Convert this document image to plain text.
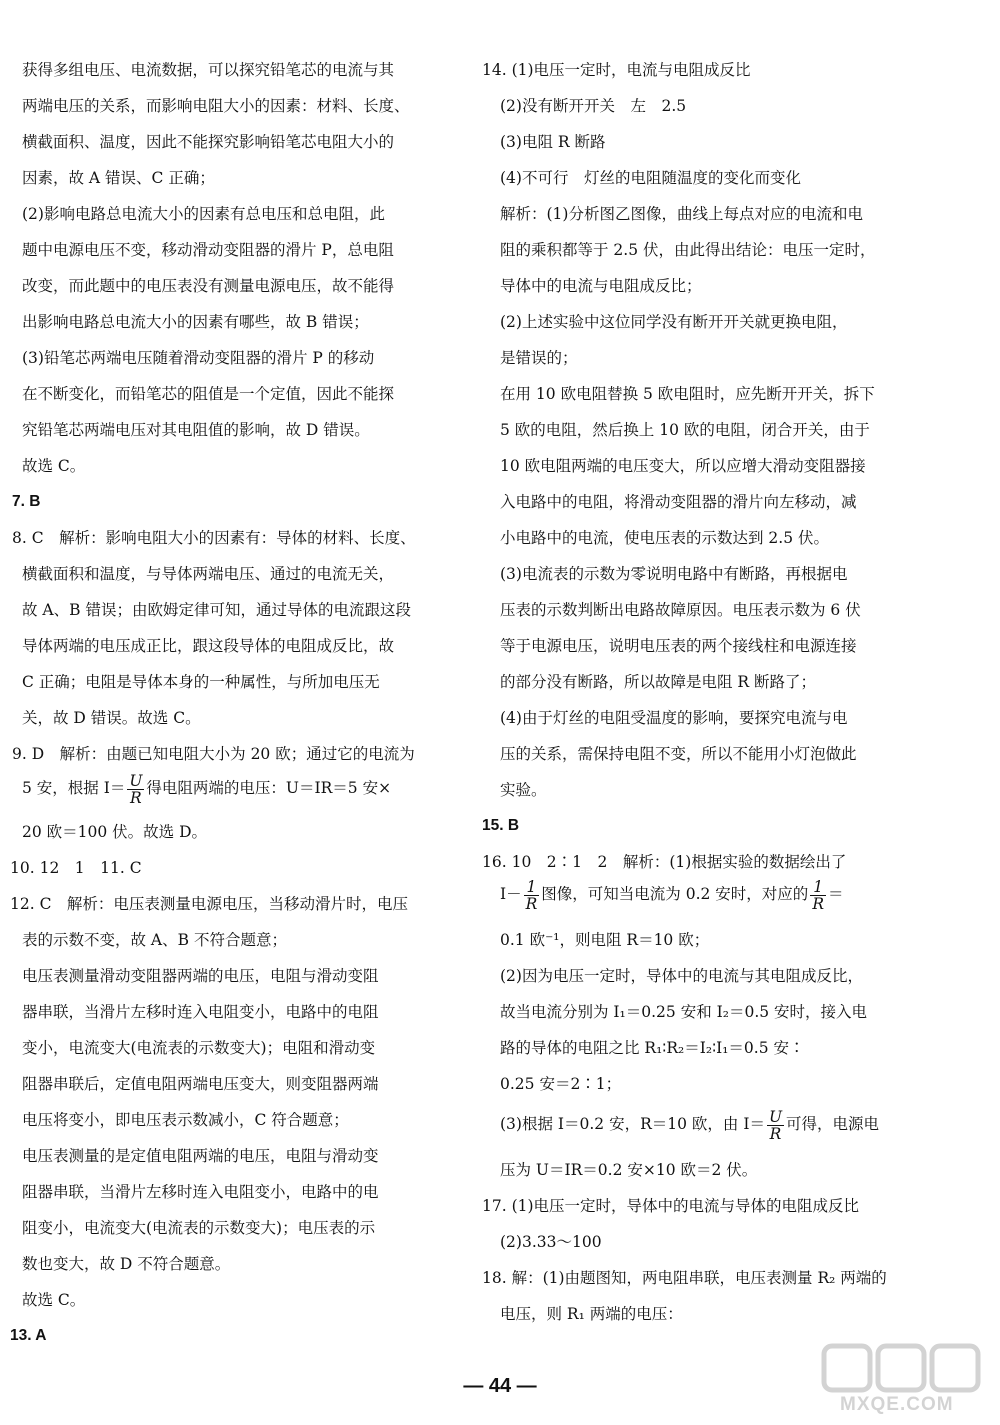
获得多组电压、电流数据，可以探究铅笔芯的电流与其
两端电压的关系，而影响电阻大小的因素：材料、长度、
横截面积、温度，因此不能探究影响铅笔芯电阻大小的
因素，故 A 错误、C 正确；
(2)影响电路总电流大小的因素有总电压和总电阻，此
题中电源电压不变，移动滑动变阻器的滑片 P，总电阻
改变，而此题中的电压表没有测量电源电压，故不能得
出影响电路总电流大小的因素有哪些，故 B 错误；
(3)铅笔芯两端电压随着滑动变阻器的滑片 P 的移动
在不断变化，而铅笔芯的阻值是一个定值，因此不能探
究铅笔芯两端电压对其电阻值的影响，故 D 错误。
故选 C。
7. B
8. C　解析：影响电阻大小的因素有：导体的材料、长度、
横截面积和温度，与导体两端电压、通过的电流无关，
故 A、B 错误；由欧姆定律可知，通过导体的电流跟这段
导体两端的电压成正比，跟这段导体的电阻成反比，故
C 正确；电阻是导体本身的一种属性，与所加电压无
关，故 D 错误。故选 C。
9. D　解析：由题已知电阻大小为 20 欧；通过它的电流为
5 安，根据 $I= \frac{U}{R}$ 得电阻两端的电压：U＝IR＝5 安×
20 欧＝100 伏。故选 D。
10. 12　1　11. C
12. C　解析：电压表测量电源电压，当移动滑片时，电压
表的示数不变，故 A、B 不符合题意；
电压表测量滑动变阻器两端的电压，电阻与滑动变阻
器串联，当滑片左移时连入电阻变小，电路中的电阻
变小，电流变大(电流表的示数变大)；电阻和滑动变
阻器串联后，定值电阻两端电压变大，则变阻器两端
电压将变小，即电压表示数减小，C 符合题意；
电压表测量的是定值电阻两端的电压，电阻与滑动变
阻器串联，当滑片左移时连入电阻变小，电路中的电
阻变小，电流变大(电流表的示数变大)；电压表的示
数也变大，故 D 不符合题意。
故选 C。
13. A
14. (1)电压一定时，电流与电阻成反比
(2)没有断开开关　左　2.5
(3)电阻 R 断路
(4)不可行　灯丝的电阻随温度的变化而变化
解析：(1)分析图乙图像，曲线上每点对应的电流和电
阻的乘积都等于 2.5 伏，由此得出结论：电压一定时，
导体中的电流与电阻成反比；
(2)上述实验中这位同学没有断开开关就更换电阻，
是错误的；
在用 10 欧电阻替换 5 欧电阻时，应先断开开关，拆下
5 欧的电阻，然后换上 10 欧的电阻，闭合开关，由于
10 欧电阻两端的电压变大，所以应增大滑动变阻器接
入电路中的电阻，将滑动变阻器的滑片向左移动，减
小电路中的电流，使电压表的示数达到 2.5 伏。
(3)电流表的示数为零说明电路中有断路，再根据电
压表的示数判断出电路故障原因。电压表示数为 6 伏
等于电源电压，说明电压表的两个接线柱和电源连接
的部分没有断路，所以故障是电阻 R 断路了；
(4)由于灯丝的电阻受温度的影响，要探究电流与电
压的关系，需保持电阻不变，所以不能用小灯泡做此
实验。
15. B
16. 10　2∶1　2　解析：(1)根据实验的数据绘出了
$I- \frac{1}{R}$ 图像，可知当电流为 0.2 安时，对应的 $\frac{1}{R}$ ＝
0.1 欧⁻¹，则电阻 R＝10 欧；
(2)因为电压一定时，导体中的电流与其电阻成反比，
故当电流分别为 I₁＝0.25 安和 I₂＝0.5 安时，接入电
路的导体的电阻之比 R₁∶R₂＝I₂∶I₁＝0.5 安∶
0.25 安＝2∶1；
(3)根据 I＝0.2 安，R＝10 欧，由 $I= \frac{U}{R}$ 可得，电源电
压为 U＝IR＝0.2 安×10 欧＝2 伏。
17. (1)电压一定时，导体中的电流与导体的电阻成反比
(2)3.33～100
18. 解：(1)由题图知，两电阻串联，电压表测量 R₂ 两端的
电压，则 R₁ 两端的电压：
— 44 —
MXQE.COM
